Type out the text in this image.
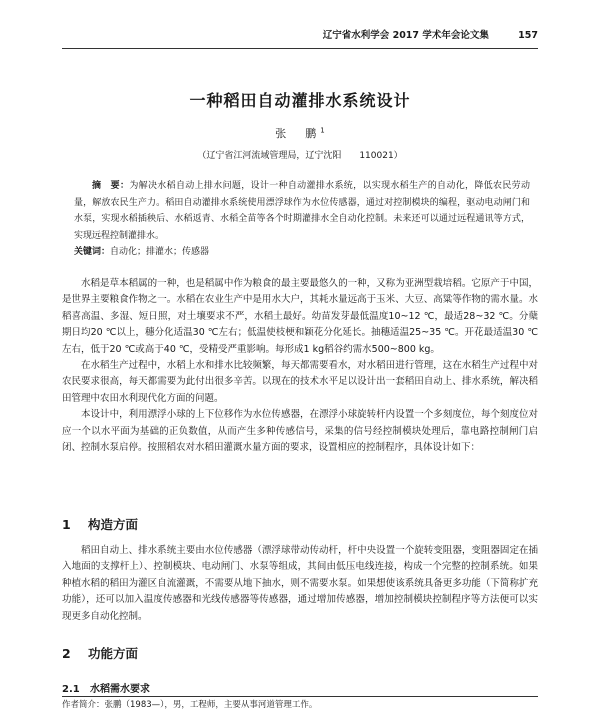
辽宁省水利学会 2017 学术年会论文集	157
一种稻田自动灌排水系统设计
张　鹏$^1$
（辽宁省江河流域管理局，辽宁沈阳　　110021）
摘　要：为解决水稻自动上排水问题，设计一种自动灌排水系统，以实现水稻生产的自动化，降低农民劳动量，解放农民生产力。稻田自动灌排水系统使用漂浮球作为水位传感器，通过对控制模块的编程，驱动电动闸门和水泵，实现水稻插秧后、水稻返青、水稻全苗等各个时期灌排水全自动化控制。未来还可以通过远程通讯等方式，实现远程控制灌排水。
关键词：自动化；排灌水；传感器

水稻是草本稻属的一种，也是稻属中作为粮食的最主要最悠久的一种，又称为亚洲型栽培稻。它原产于中国，是世界主要粮食作物之一。水稻在农业生产中是用水大户，其耗水量远高于玉米、大豆、高粱等作物的需水量。水稻喜高温、多湿、短日照，对土壤要求不严，水稻土最好。幼苗发芽最低温度10~12 ℃，最适28~32 ℃。分蘖期日均20 ℃以上，穗分化适温30 ℃左右；低温使枝梗和颖花分化延长。抽穗适温25~35 ℃。开花最适温30 ℃左右，低于20 ℃或高于40 ℃，受精受严重影响。每形成1 kg稻谷约需水500~800 kg。

在水稻生产过程中，水稻上水和排水比较频繁，每天都需要看水，对水稻田进行管理，这在水稻生产过程中对农民要求很高，每天都需要为此付出很多辛苦。以现在的技术水平足以设计出一套稻田自动上、排水系统，解决稻田管理中农田水利现代化方面的问题。

本设计中，利用漂浮小球的上下位移作为水位传感器，在漂浮小球旋转杆内设置一个多刻度位，每个刻度位对应一个以水平面为基础的正负数值，从而产生多种传感信号，采集的信号经控制模块处理后，靠电路控制闸门启闭、控制水泵启停。按照稻农对水稻田灌溉水量方面的要求，设置相应的控制程序，具体设计如下：

1 构造方面

稻田自动上、排水系统主要由水位传感器（漂浮球带动传动杆，杆中央设置一个旋转变阻器，变阻器固定在插入地面的支撑杆上）、控制模块、电动闸门、水泵等组成，其间由低压电线连接，构成一个完整的控制系统。如果种植水稻的稻田为灌区自流灌溉，不需要从地下抽水，则不需要水泵。如果想使该系统具备更多功能（下简称扩充功能），还可以加入温度传感器和光线传感器等传感器，通过增加传感器，增加控制模块控制程序等方法便可以实现更多自动化控制。

2 功能方面
2.1 水稻需水要求
作者简介：张鹏（1983—），男，工程师，主要从事河道管理工作。
